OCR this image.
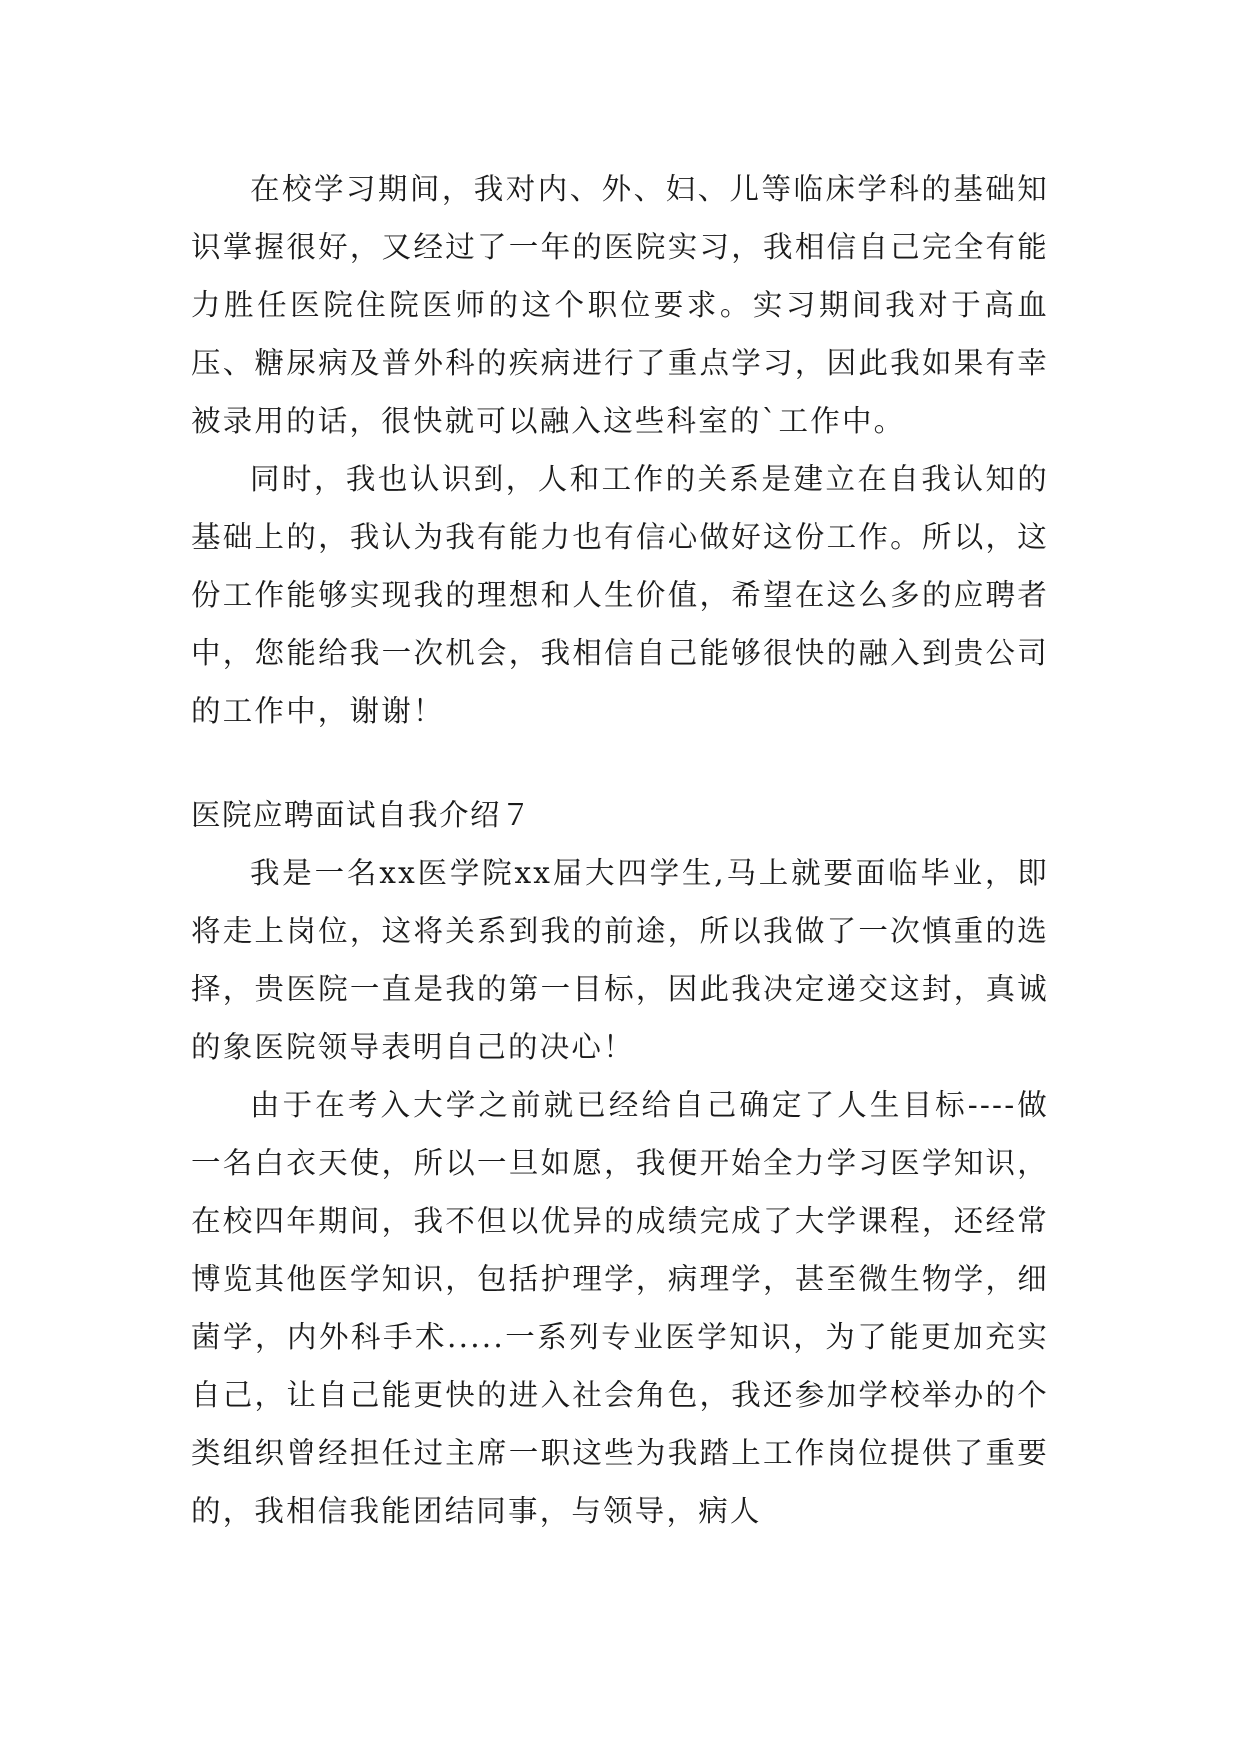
在校学习期间，我对内、外、妇、儿等临床学科的基础知识掌握很好，又经过了一年的医院实习，我相信自己完全有能力胜任医院住院医师的这个职位要求。实习期间我对于高血压、糖尿病及普外科的疾病进行了重点学习，因此我如果有幸被录用的话，很快就可以融入这些科室的`工作中。

同时，我也认识到，人和工作的关系是建立在自我认知的基础上的，我认为我有能力也有信心做好这份工作。所以，这份工作能够实现我的理想和人生价值，希望在这么多的应聘者中，您能给我一次机会，我相信自己能够很快的融入到贵公司的工作中，谢谢！

医院应聘面试自我介绍７

我是一名xx医学院xx届大四学生,马上就要面临毕业，即将走上岗位，这将关系到我的前途，所以我做了一次慎重的选择，贵医院一直是我的第一目标，因此我决定递交这封，真诚的象医院领导表明自己的决心！

由于在考入大学之前就已经给自己确定了人生目标----做一名白衣天使，所以一旦如愿，我便开始全力学习医学知识，在校四年期间，我不但以优异的成绩完成了大学课程，还经常博览其他医学知识，包括护理学，病理学，甚至微生物学，细菌学，内外科手术.....一系列专业医学知识，为了能更加充实自己，让自己能更快的进入社会角色，我还参加学校举办的个类组织曾经担任过主席一职这些为我踏上工作岗位提供了重要的，我相信我能团结同事，与领导，病人
